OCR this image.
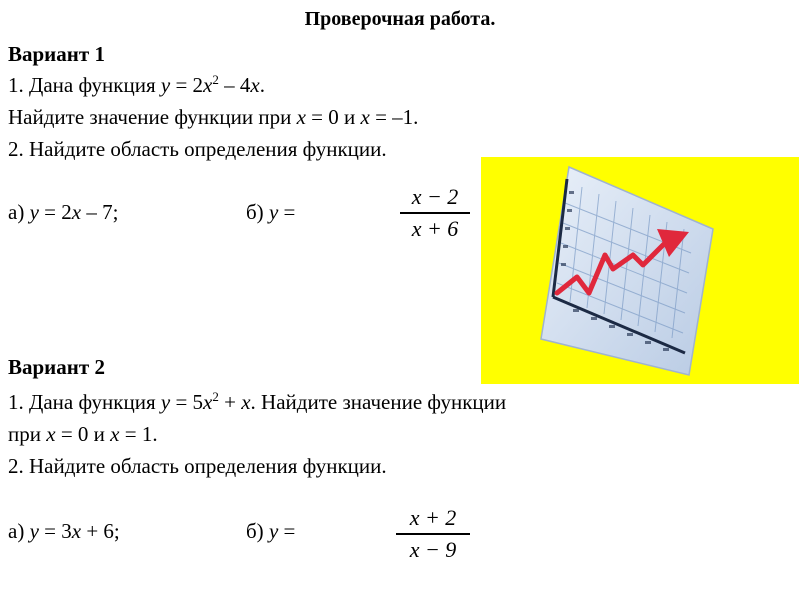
Проверочная работа.
Вариант 1
1. Дана функция $y = 2x^2 - 4x$.
Найдите значение функции при x = 0 и x = –1.
2. Найдите область определения функции.
а) y = 2x – 7;	б) y =
x − 2
x + 6
Вариант 2
1. Дана функция $y = 5x^2 + x$. Найдите значение функции
при x = 0 и x = 1.
2. Найдите область определения функции.
а) y = 3x + 6;	б) y =
x + 2
x − 9
